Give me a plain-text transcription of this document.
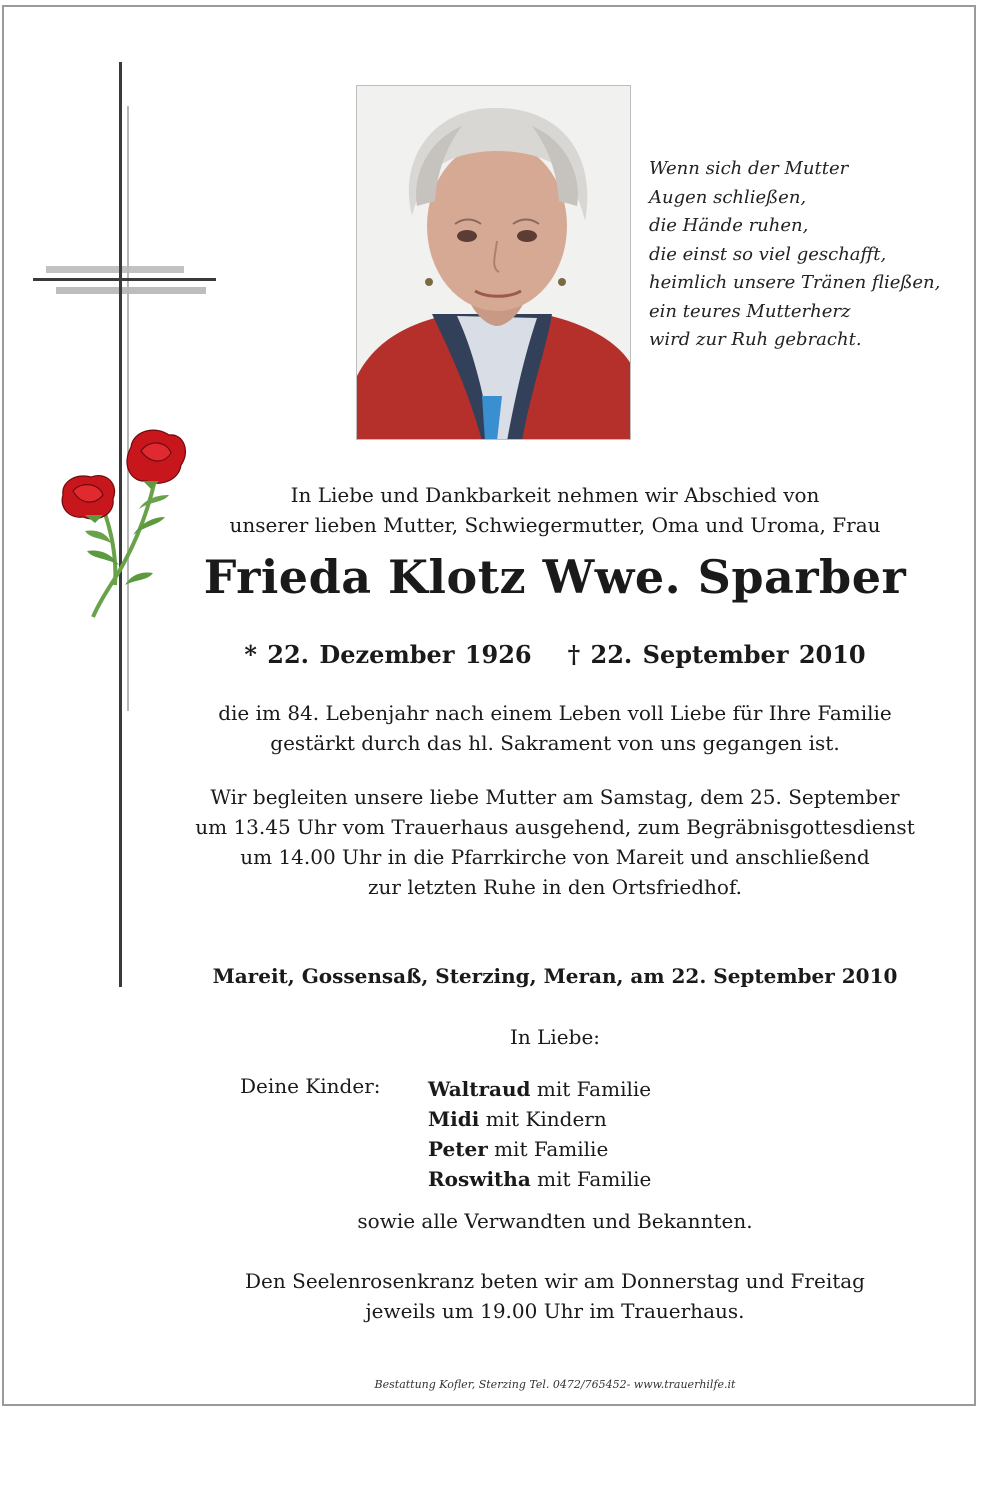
Wenn sich der Mutter
Augen schließen,
die Hände ruhen,
die einst so viel geschafft,
heimlich unsere Tränen fließen,
ein teures Mutterherz
wird zur Ruh gebracht.
In Liebe und Dankbarkeit nehmen wir Abschied von
unserer lieben Mutter, Schwiegermutter, Oma und Uroma, Frau
Frieda Klotz Wwe. Sparber
* 22. Dezember 1926 † 22. September 2010
die im 84. Lebenjahr nach einem Leben voll Liebe für Ihre Familie
gestärkt durch das hl. Sakrament von uns gegangen ist.
Wir begleiten unsere liebe Mutter am Samstag, dem 25. September
um 13.45 Uhr vom Trauerhaus ausgehend, zum Begräbnisgottesdienst
um 14.00 Uhr in die Pfarrkirche von Mareit und anschließend
zur letzten Ruhe in den Ortsfriedhof.
Mareit, Gossensaß, Sterzing, Meran, am 22. September 2010
In Liebe:
Deine Kinder: Waltraud mit Familie
Midi mit Kindern
Peter mit Familie
Roswitha mit Familie
sowie alle Verwandten und Bekannten.
Den Seelenrosenkranz beten wir am Donnerstag und Freitag
jeweils um 19.00 Uhr im Trauerhaus.
Bestattung Kofler, Sterzing Tel. 0472/765452- www.trauerhilfe.it
